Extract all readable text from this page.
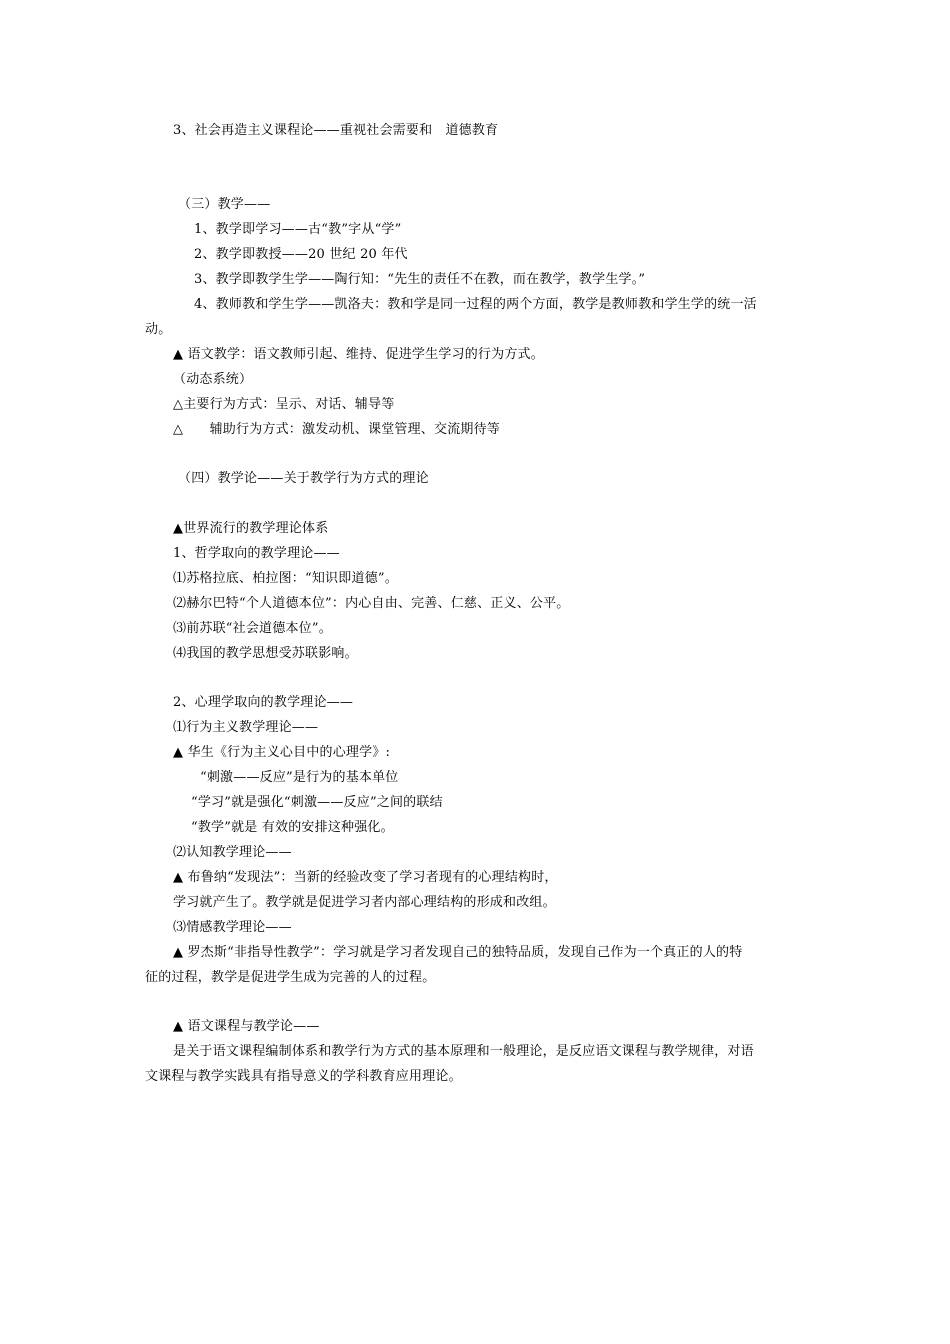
3、社会再造主义课程论——重视社会需要和　道德教育
（三）教学——
1、教学即学习——古“教”字从“学”
2、教学即教授——20 世纪 20 年代
3、教学即教学生学——陶行知：“先生的责任不在教，而在教学，教学生学。”
4、教师教和学生学——凯洛夫：教和学是同一过程的两个方面，教学是教师教和学生学的统一活
动。
▲ 语文教学：语文教师引起、维持、促进学生学习的行为方式。
（动态系统）
△主要行为方式：呈示、对话、辅导等
△　　辅助行为方式：激发动机、课堂管理、交流期待等
（四）教学论——关于教学行为方式的理论
▲世界流行的教学理论体系
1、哲学取向的教学理论——
⑴苏格拉底、柏拉图：“知识即道德”。
⑵赫尔巴特“个人道德本位”：内心自由、完善、仁慈、正义、公平。
⑶前苏联“社会道德本位”。
⑷我国的教学思想受苏联影响。
2、心理学取向的教学理论——
⑴行为主义教学理论——
▲ 华生《行为主义心目中的心理学》:
“刺激——反应”是行为的基本单位
“学习”就是强化“刺激——反应”之间的联结
“教学”就是 有效的安排这种强化。
⑵认知教学理论——
▲ 布鲁纳“发现法”：当新的经验改变了学习者现有的心理结构时，
学习就产生了。教学就是促进学习者内部心理结构的形成和改组。
⑶情感教学理论——
▲ 罗杰斯“非指导性教学”：学习就是学习者发现自己的独特品质，发现自己作为一个真正的人的特
征的过程，教学是促进学生成为完善的人的过程。
▲ 语文课程与教学论——
是关于语文课程编制体系和教学行为方式的基本原理和一般理论，是反应语文课程与教学规律，对语
文课程与教学实践具有指导意义的学科教育应用理论。
